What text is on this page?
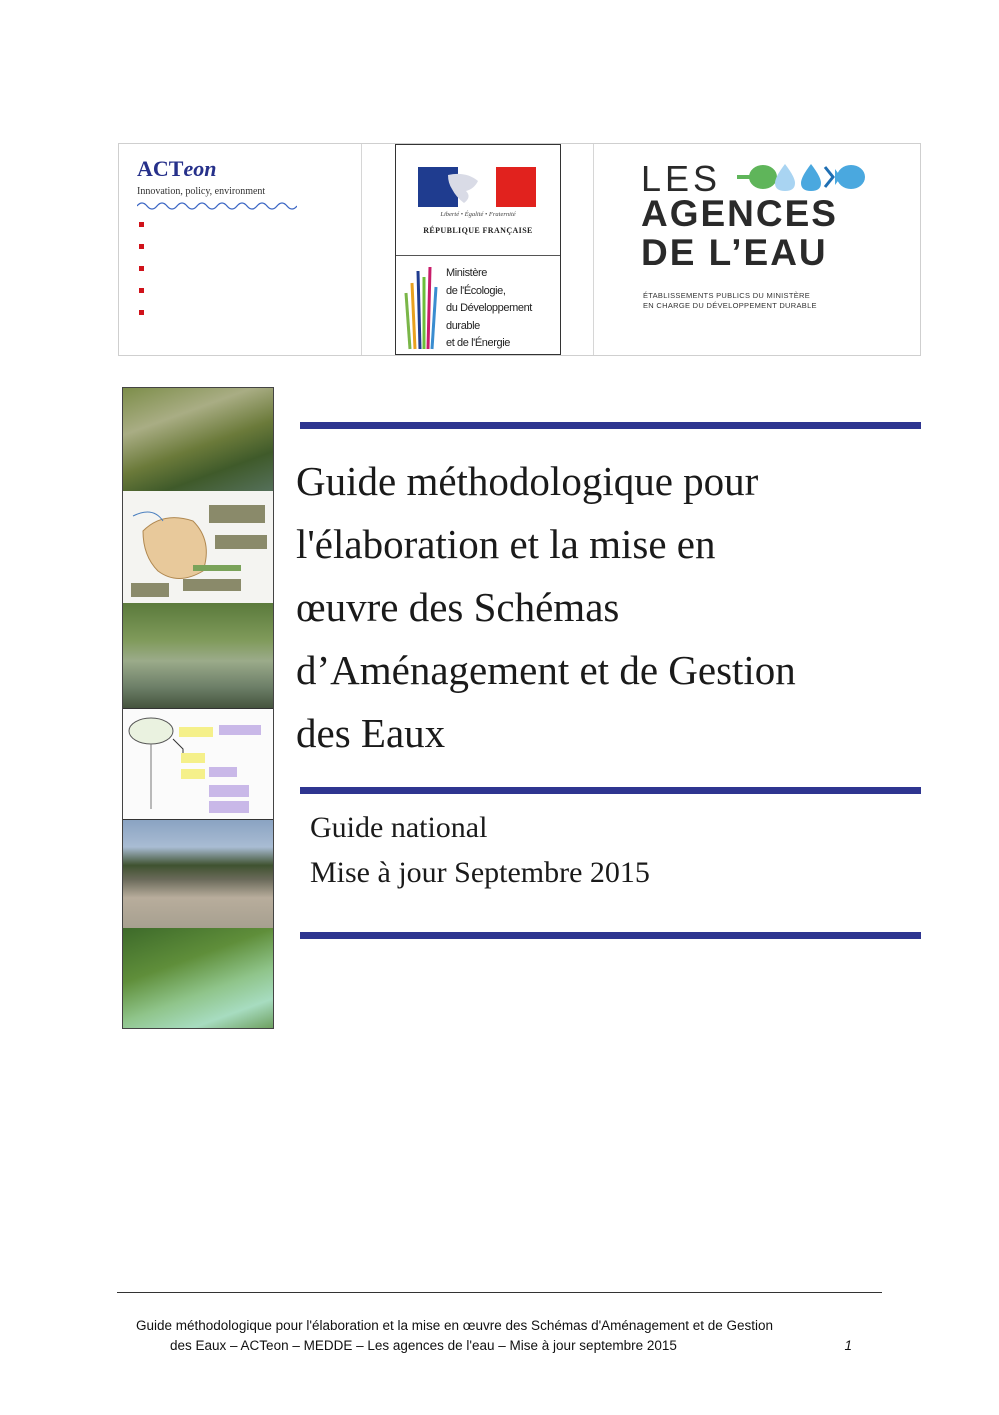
ACTeon
Innovation, policy, environment
Liberté • Égalité • Fraternité
RÉPUBLIQUE FRANÇAISE
Ministère
de l'Écologie,
du Développement
durable
et de l'Énergie
LES
AGENCES
DE L’EAU
ÉTABLISSEMENTS PUBLICS DU MINISTÈRE
EN CHARGE DU DÉVELOPPEMENT DURABLE
Guide méthodologique pour
l'élaboration et la mise en
œuvre des Schémas
d’Aménagement et de Gestion
des Eaux
Guide national
Mise à jour Septembre 2015
Guide méthodologique pour l'élaboration et la mise en œuvre des Schémas d'Aménagement et de Gestion
des Eaux – ACTeon – MEDDE – Les agences de l'eau – Mise à jour septembre 2015	1
